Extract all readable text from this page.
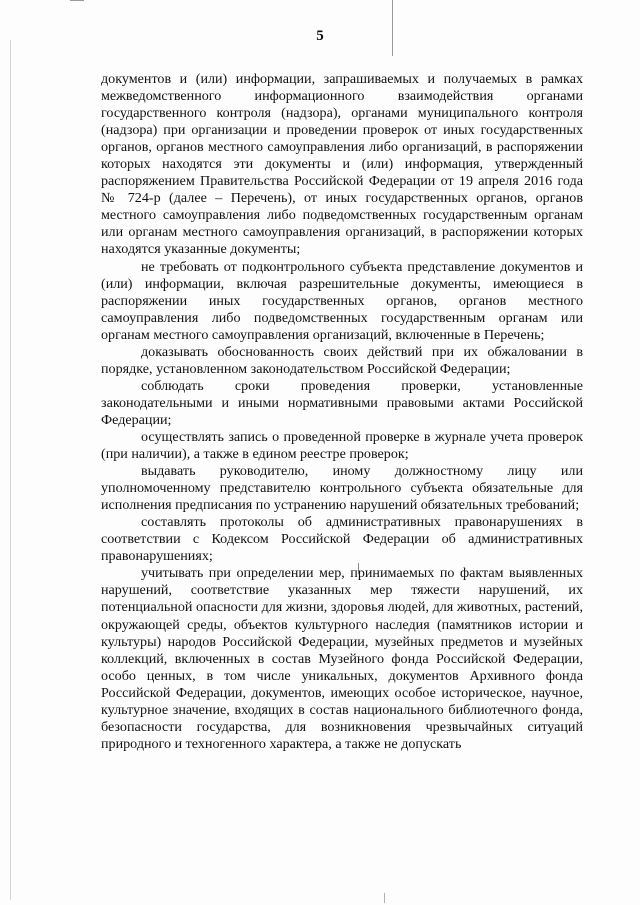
5

документов и (или) информации, запрашиваемых и получаемых в рамках межведомственного информационного взаимодействия органами государственного контроля (надзора), органами муниципального контроля (надзора) при организации и проведении проверок от иных государственных органов, органов местного самоуправления либо организаций, в распоряжении которых находятся эти документы и (или) информация, утвержденный распоряжением Правительства Российской Федерации от 19 апреля 2016 года № 724-р (далее – Перечень), от иных государственных органов, органов местного самоуправления либо подведомственных государственным органам или органам местного самоуправления организаций, в распоряжении которых находятся указанные документы;

не требовать от подконтрольного субъекта представление документов и (или) информации, включая разрешительные документы, имеющиеся в распоряжении иных государственных органов, органов местного самоуправления либо подведомственных государственным органам или органам местного самоуправления организаций, включенные в Перечень;

доказывать обоснованность своих действий при их обжаловании в порядке, установленном законодательством Российской Федерации;

соблюдать сроки проведения проверки, установленные законодательными и иными нормативными правовыми актами Российской Федерации;

осуществлять запись о проведенной проверке в журнале учета проверок (при наличии), а также в едином реестре проверок;

выдавать руководителю, иному должностному лицу или уполномоченному представителю контрольного субъекта обязательные для исполнения предписания по устранению нарушений обязательных требований;

составлять протоколы об административных правонарушениях в соответствии с Кодексом Российской Федерации об административных правонарушениях;

учитывать при определении мер, принимаемых по фактам выявленных нарушений, соответствие указанных мер тяжести нарушений, их потенциальной опасности для жизни, здоровья людей, для животных, растений, окружающей среды, объектов культурного наследия (памятников истории и культуры) народов Российской Федерации, музейных предметов и музейных коллекций, включенных в состав Музейного фонда Российской Федерации, особо ценных, в том числе уникальных, документов Архивного фонда Российской Федерации, документов, имеющих особое историческое, научное, культурное значение, входящих в состав национального библиотечного фонда, безопасности государства, для возникновения чрезвычайных ситуаций природного и техногенного характера, а также не допускать
